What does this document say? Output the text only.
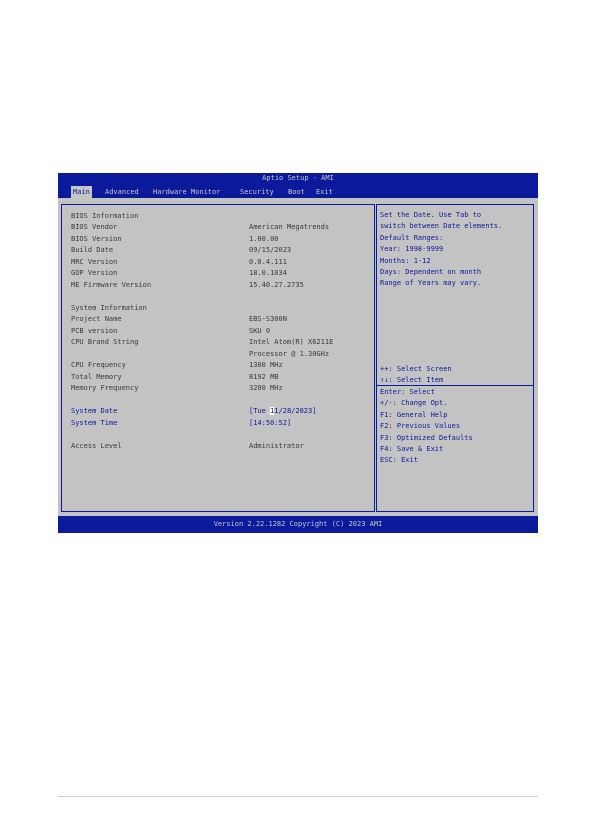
Aptio Setup - AMI
Main Advanced Hardware Monitor	Security Boot Exit
BIOS Information
BIOS Vendor	American Megatrends
BIOS Version	1.00.00
Build Date	09/15/2023
MRC Version	0.0.4.111
GOP Version	18.0.1034
ME Firmware Version	15.40.27.2735
System Information
Project Name	EBS-S300N
PCB version	SKU 0
CPU Brand String	Intel Atom(R) X6211E
Processor @ 1.30GHz
CPU Frequency	1300 MHz
Total Memory	8192 MB
Memory Frequency	3200 MHz
System Date	[Tue 11/28/2023]
System Time	[14:50:52]
Access Level	Administrator
Set the Date. Use Tab to
switch between Date elements.
Default Ranges:
Year: 1998-9999
Months: 1-12
Days: Dependent on month
Range of Years may vary.
++: Select Screen
↑↓: Select Item
Enter: Select
+/-: Change Opt.
F1: General Help
F2: Previous Values
F3: Optimized Defaults
F4: Save & Exit
ESC: Exit
Version 2.22.1282 Copyright (C) 2023 AMI
